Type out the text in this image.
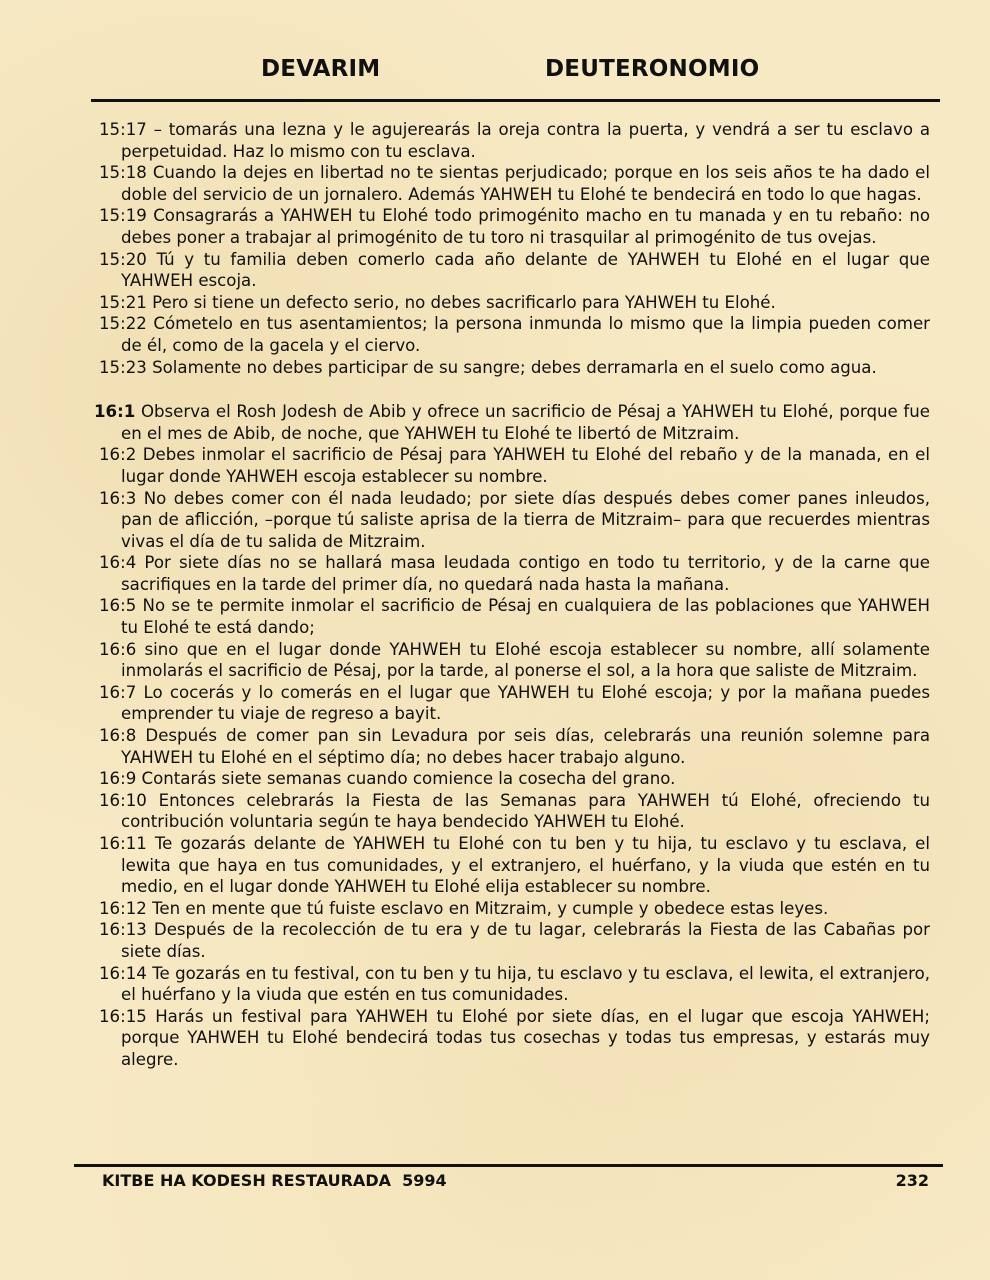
DEVARIM	DEUTERONOMIO

15:17 – tomarás una lezna y le agujerearás la oreja contra la puerta, y vendrá a ser tu esclavo a perpetuidad. Haz lo mismo con tu esclava.

15:18 Cuando la dejes en libertad no te sientas perjudicado; porque en los seis años te ha dado el doble del servicio de un jornalero. Además YAHWEH tu Elohé te bendecirá en todo lo que hagas.

15:19 Consagrarás a YAHWEH tu Elohé todo primogénito macho en tu manada y en tu rebaño: no debes poner a trabajar al primogénito de tu toro ni trasquilar al primogénito de tus ovejas.

15:20 Tú y tu familia deben comerlo cada año delante de YAHWEH tu Elohé en el lugar que YAHWEH escoja.

15:21 Pero si tiene un defecto serio, no debes sacrificarlo para YAHWEH tu Elohé.

15:22 Cómetelo en tus asentamientos; la persona inmunda lo mismo que la limpia pueden comer de él, como de la gacela y el ciervo.

15:23 Solamente no debes participar de su sangre; debes derramarla en el suelo como agua.

16:1 Observa el Rosh Jodesh de Abib y ofrece un sacrificio de Pésaj a YAHWEH tu Elohé, porque fue en el mes de Abib, de noche, que YAHWEH tu Elohé te libertó de Mitzraim.

16:2 Debes inmolar el sacrificio de Pésaj para YAHWEH tu Elohé del rebaño y de la manada, en el lugar donde YAHWEH escoja establecer su nombre.

16:3 No debes comer con él nada leudado; por siete días después debes comer panes inleudos, pan de aflicción, –porque tú saliste aprisa de la tierra de Mitzraim– para que recuerdes mientras vivas el día de tu salida de Mitzraim.

16:4 Por siete días no se hallará masa leudada contigo en todo tu territorio, y de la carne que sacrifiques en la tarde del primer día, no quedará nada hasta la mañana.

16:5 No se te permite inmolar el sacrificio de Pésaj en cualquiera de las poblaciones que YAHWEH tu Elohé te está dando;

16:6 sino que en el lugar donde YAHWEH tu Elohé escoja establecer su nombre, allí solamente inmolarás el sacrificio de Pésaj, por la tarde, al ponerse el sol, a la hora que saliste de Mitzraim.

16:7 Lo cocerás y lo comerás en el lugar que YAHWEH tu Elohé escoja; y por la mañana puedes emprender tu viaje de regreso a bayit.

16:8 Después de comer pan sin Levadura por seis días, celebrarás una reunión solemne para YAHWEH tu Elohé en el séptimo día; no debes hacer trabajo alguno.

16:9 Contarás siete semanas cuando comience la cosecha del grano.

16:10 Entonces celebrarás la Fiesta de las Semanas para YAHWEH tú Elohé, ofreciendo tu contribución voluntaria según te haya bendecido YAHWEH tu Elohé.

16:11 Te gozarás delante de YAHWEH tu Elohé con tu ben y tu hija, tu esclavo y tu esclava, el lewita que haya en tus comunidades, y el extranjero, el huérfano, y la viuda que estén en tu medio, en el lugar donde YAHWEH tu Elohé elija establecer su nombre.

16:12 Ten en mente que tú fuiste esclavo en Mitzraim, y cumple y obedece estas leyes.

16:13 Después de la recolección de tu era y de tu lagar, celebrarás la Fiesta de las Cabañas por siete días.

16:14 Te gozarás en tu festival, con tu ben y tu hija, tu esclavo y tu esclava, el lewita, el extranjero, el huérfano y la viuda que estén en tus comunidades.

16:15 Harás un festival para YAHWEH tu Elohé por siete días, en el lugar que escoja YAHWEH; porque YAHWEH tu Elohé bendecirá todas tus cosechas y todas tus empresas, y estarás muy alegre.

KITBE HA KODESH RESTAURADA  5994	232
